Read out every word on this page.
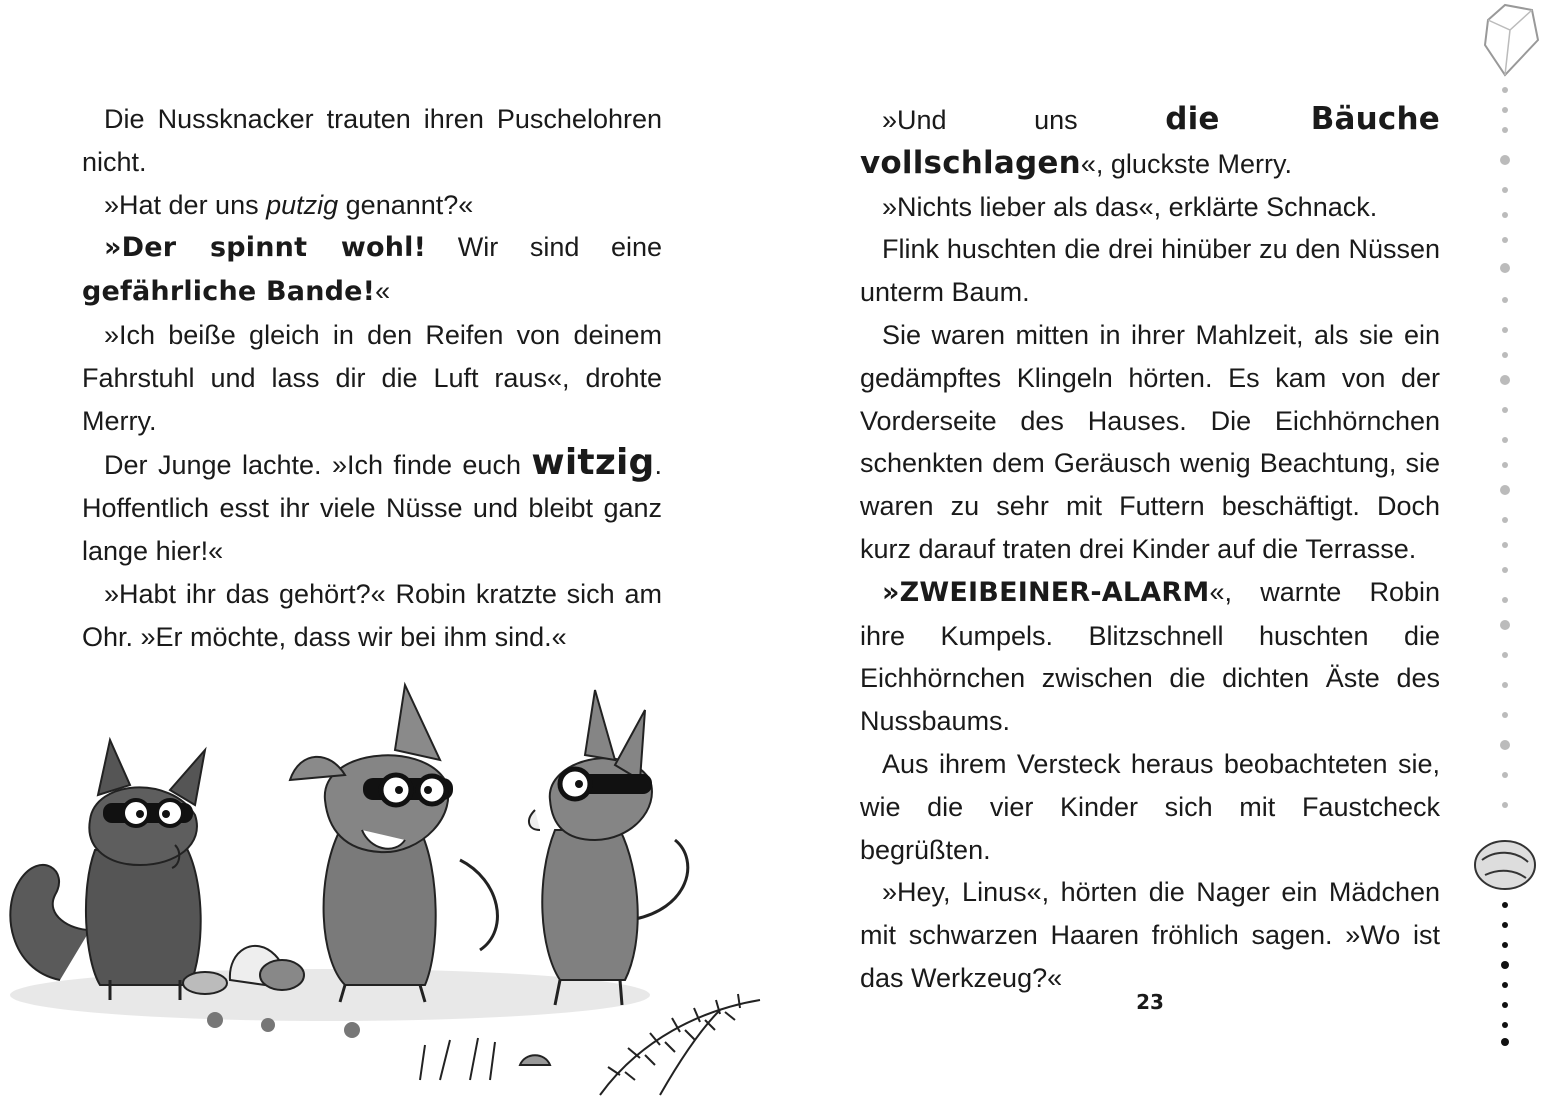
Die Nussknacker trauten ihren Puschelohren nicht.

»Hat der uns putzig genannt?«

»Der spinnt wohl! Wir sind eine gefährliche Bande!«

»Ich beiße gleich in den Reifen von deinem Fahrstuhl und lass dir die Luft raus«, drohte Merry.

Der Junge lachte. »Ich finde euch witzig. Hoffentlich esst ihr viele Nüsse und bleibt ganz lange hier!«

»Habt ihr das gehört?« Robin kratzte sich am Ohr. »Er möchte, dass wir bei ihm sind.«

»Und uns die Bäuche vollschlagen«, gluckste Merry.

»Nichts lieber als das«, erklärte Schnack.

Flink huschten die drei hinüber zu den Nüssen unterm Baum.

Sie waren mitten in ihrer Mahlzeit, als sie ein gedämpftes Klingeln hörten. Es kam von der Vorderseite des Hauses. Die Eichhörnchen schenkten dem Geräusch wenig Beachtung, sie waren zu sehr mit Futtern beschäftigt. Doch kurz darauf traten drei Kinder auf die Terrasse.

»ZWEIBEINER-ALARM«, warnte Robin ihre Kumpels. Blitzschnell huschten die Eichhörnchen zwischen die dichten Äste des Nussbaums.

Aus ihrem Versteck heraus beobachteten sie, wie die vier Kinder sich mit Faustcheck begrüßten.

»Hey, Linus«, hörten die Nager ein Mädchen mit schwarzen Haaren fröhlich sagen. »Wo ist das Werkzeug?«

23
